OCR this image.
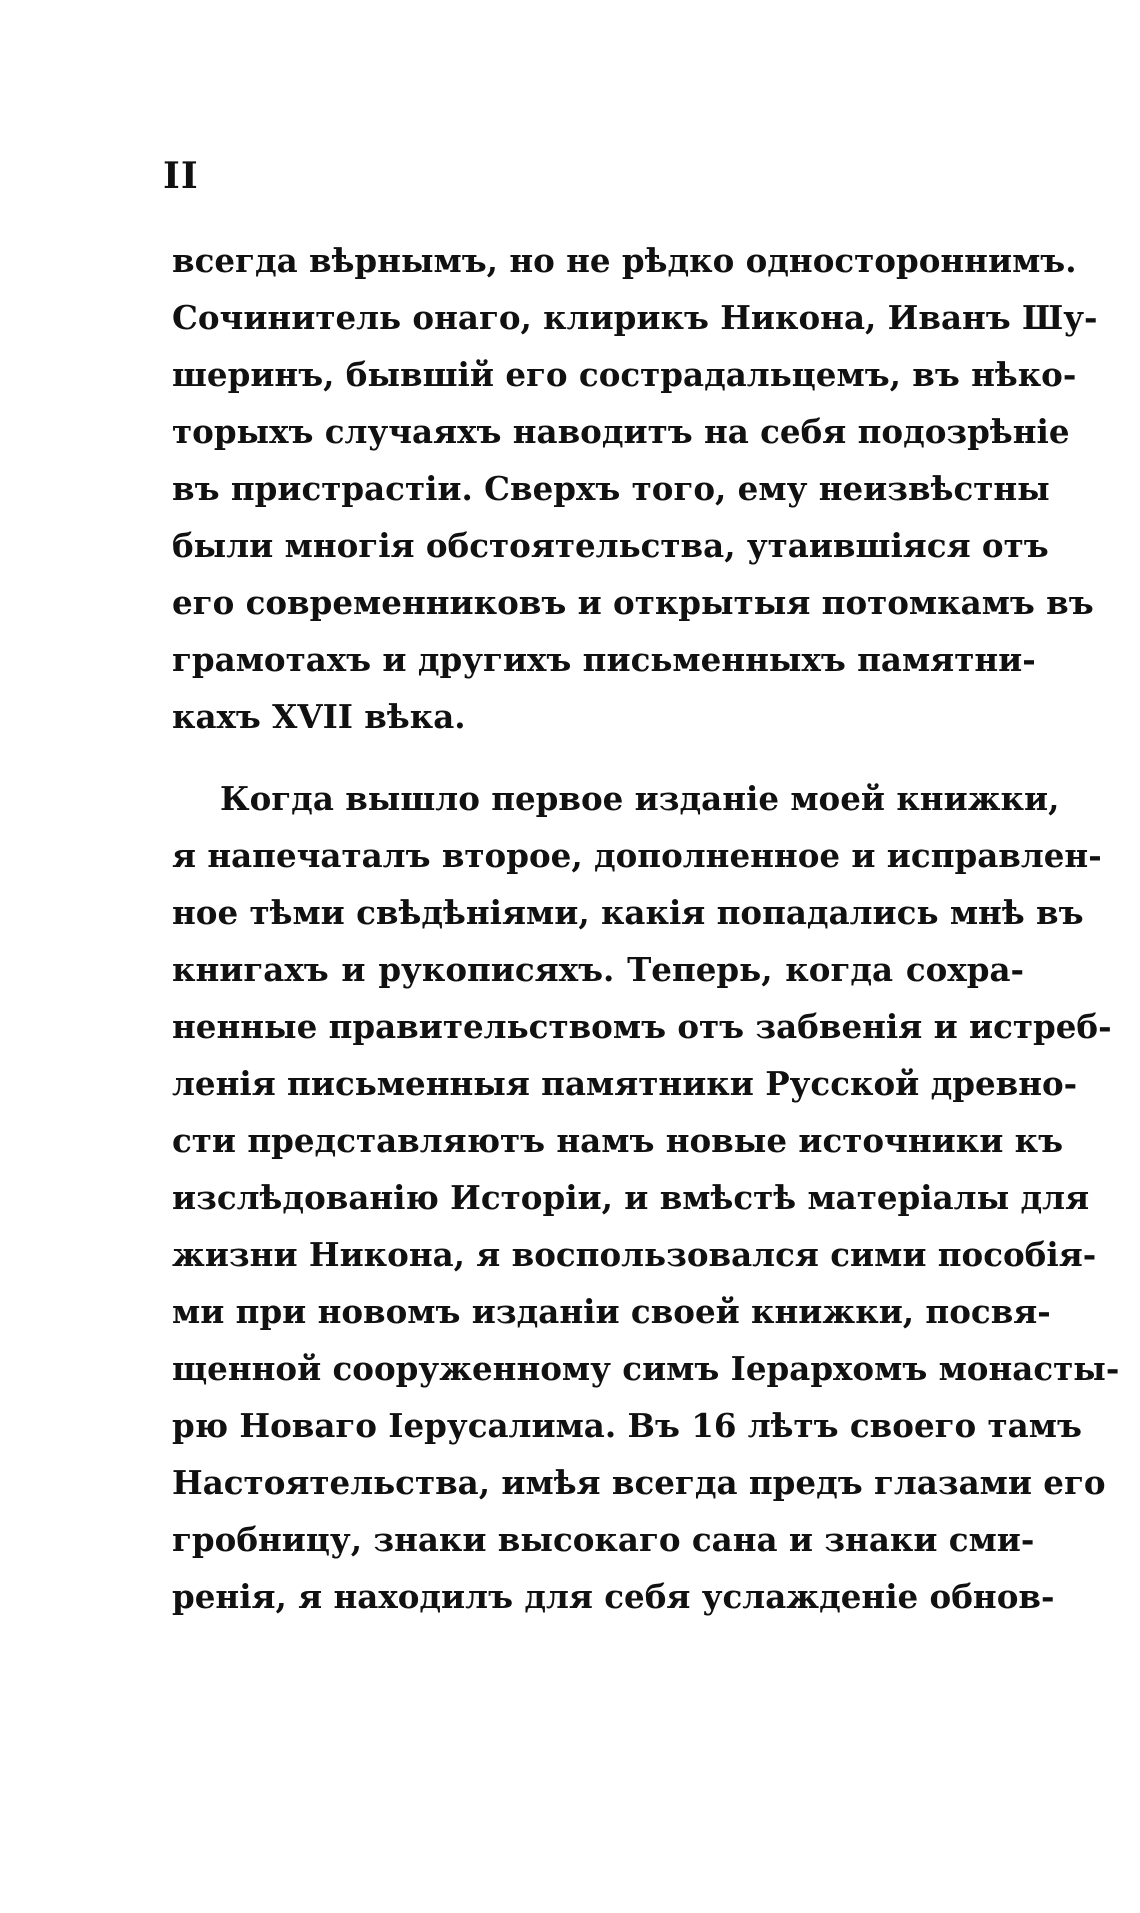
II
всегда вѣрнымъ, но не рѣдко одностороннимъ.
Сочинитель онаго, клирикъ Никона, Иванъ Шу-
шеринъ, бывшій его сострадальцемъ, въ нѣко-
торыхъ случаяхъ наводитъ на себя подозрѣніе
въ пристрастіи. Сверхъ того, ему неизвѣстны
были многія обстоятельства, утаившіяся отъ
его современниковъ и открытыя потомкамъ въ
грамотахъ и другихъ письменныхъ памятни-
кахъ XVII вѣка.
Когда вышло первое изданіе моей книжки,
я напечаталъ второе, дополненное и исправлен-
ное тѣми свѣдѣніями, какія попадались мнѣ въ
книгахъ и рукописяхъ. Теперь, когда сохра-
ненные правительствомъ отъ забвенія и истреб-
ленія письменныя памятники Русской древно-
сти представляютъ намъ новые источники къ
изслѣдованію Исторіи, и вмѣстѣ матеріалы для
жизни Никона, я воспользовался сими пособія-
ми при новомъ изданіи своей книжки, посвя-
щенной сооруженному симъ Іерархомъ монасты-
рю Новаго Іерусалима. Въ 16 лѣтъ своего тамъ
Настоятельства, имѣя всегда предъ глазами его
гробницу, знаки высокаго сана и знаки сми-
ренія, я находилъ для себя услажденіе обнов-
